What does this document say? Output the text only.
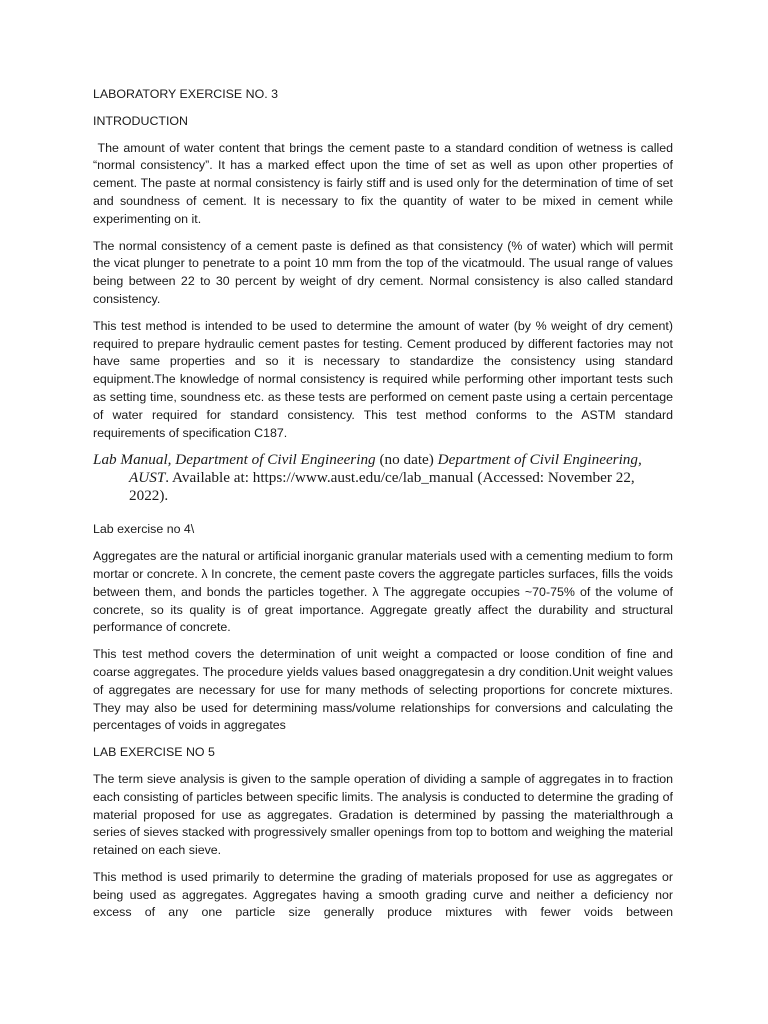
LABORATORY EXERCISE NO. 3
INTRODUCTION
The amount of water content that brings the cement paste to a standard condition of wetness is called “normal consistency”. It has a marked effect upon the time of set as well as upon other properties of cement. The paste at normal consistency is fairly stiff and is used only for the determination of time of set and soundness of cement. It is necessary to fix the quantity of water to be mixed in cement while experimenting on it.
The normal consistency of a cement paste is defined as that consistency (% of water) which will permit the vicat plunger to penetrate to a point 10 mm from the top of the vicatmould. The usual range of values being between 22 to 30 percent by weight of dry cement. Normal consistency is also called standard consistency.
This test method is intended to be used to determine the amount of water (by % weight of dry cement) required to prepare hydraulic cement pastes for testing. Cement produced by different factories may not have same properties and so it is necessary to standardize the consistency using standard equipment.The knowledge of normal consistency is required while performing other important tests such as setting time, soundness etc. as these tests are performed on cement paste using a certain percentage of water required for standard consistency. This test method conforms to the ASTM standard requirements of specification C187.
Lab Manual, Department of Civil Engineering (no date) Department of Civil Engineering, AUST. Available at: https://www.aust.edu/ce/lab_manual (Accessed: November 22, 2022).
Lab exercise no 4\
Aggregates are the natural or artificial inorganic granular materials used with a cementing medium to form mortar or concrete. λ In concrete, the cement paste covers the aggregate particles surfaces, fills the voids between them, and bonds the particles together. λ The aggregate occupies ~70-75% of the volume of concrete, so its quality is of great importance. Aggregate greatly affect the durability and structural performance of concrete.
This test method covers the determination of unit weight a compacted or loose condition of fine and coarse aggregates. The procedure yields values based onaggregatesin a dry condition.Unit weight values of aggregates are necessary for use for many methods of selecting proportions for concrete mixtures. They may also be used for determining mass/volume relationships for conversions and calculating the percentages of voids in aggregates
LAB EXERCISE NO 5
The term sieve analysis is given to the sample operation of dividing a sample of aggregates in to fraction each consisting of particles between specific limits. The analysis is conducted to determine the grading of material proposed for use as aggregates. Gradation is determined by passing the materialthrough a series of sieves stacked with progressively smaller openings from top to bottom and weighing the material retained on each sieve.
This method is used primarily to determine the grading of materials proposed for use as aggregates or being used as aggregates. Aggregates having a smooth grading curve and neither a deficiency nor excess of any one particle size generally produce mixtures with fewer voids between
